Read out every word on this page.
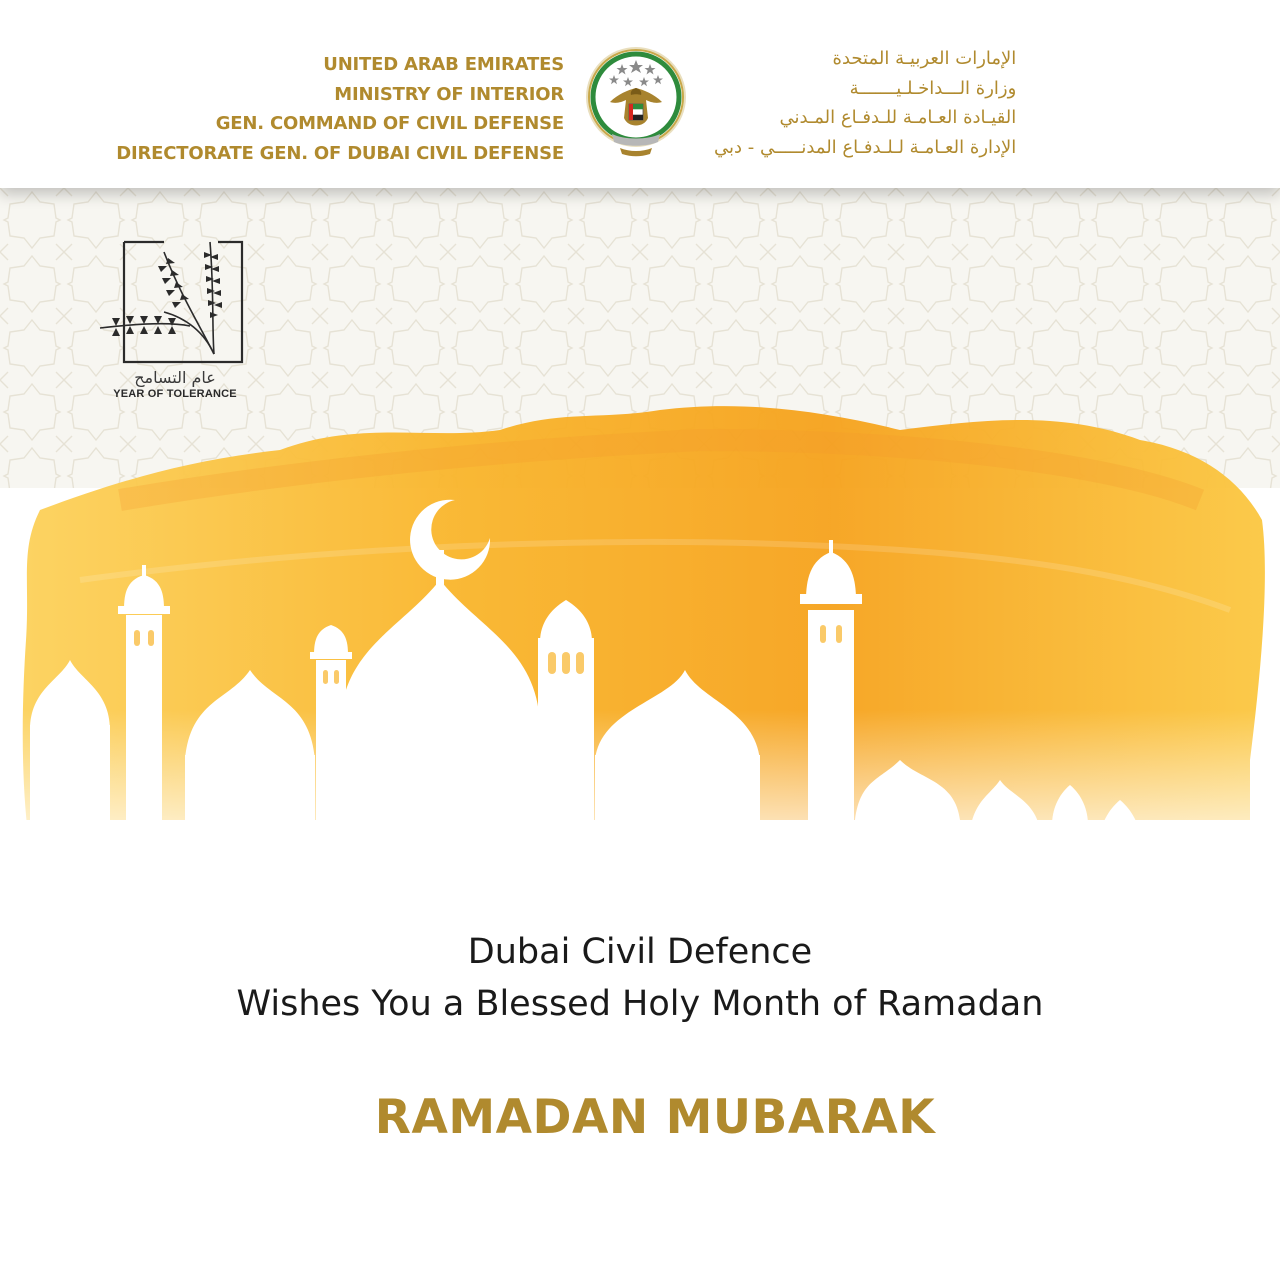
UNITED ARAB EMIRATES
MINISTRY OF INTERIOR
GEN. COMMAND OF CIVIL DEFENSE
DIRECTORATE GEN. OF DUBAI CIVIL DEFENSE
الإمارات العربيـة المتحدة
وزارة الـــداخـلـيـــــــة
القيـادة العـامـة للـدفـاع المـدني
الإدارة العـامـة لـلـدفـاع المدنـــــي - دبي
عام التسامح
YEAR OF TOLERANCE
Dubai Civil Defence
Wishes You a Blessed Holy Month of Ramadan
RAMADAN MUBARAK
